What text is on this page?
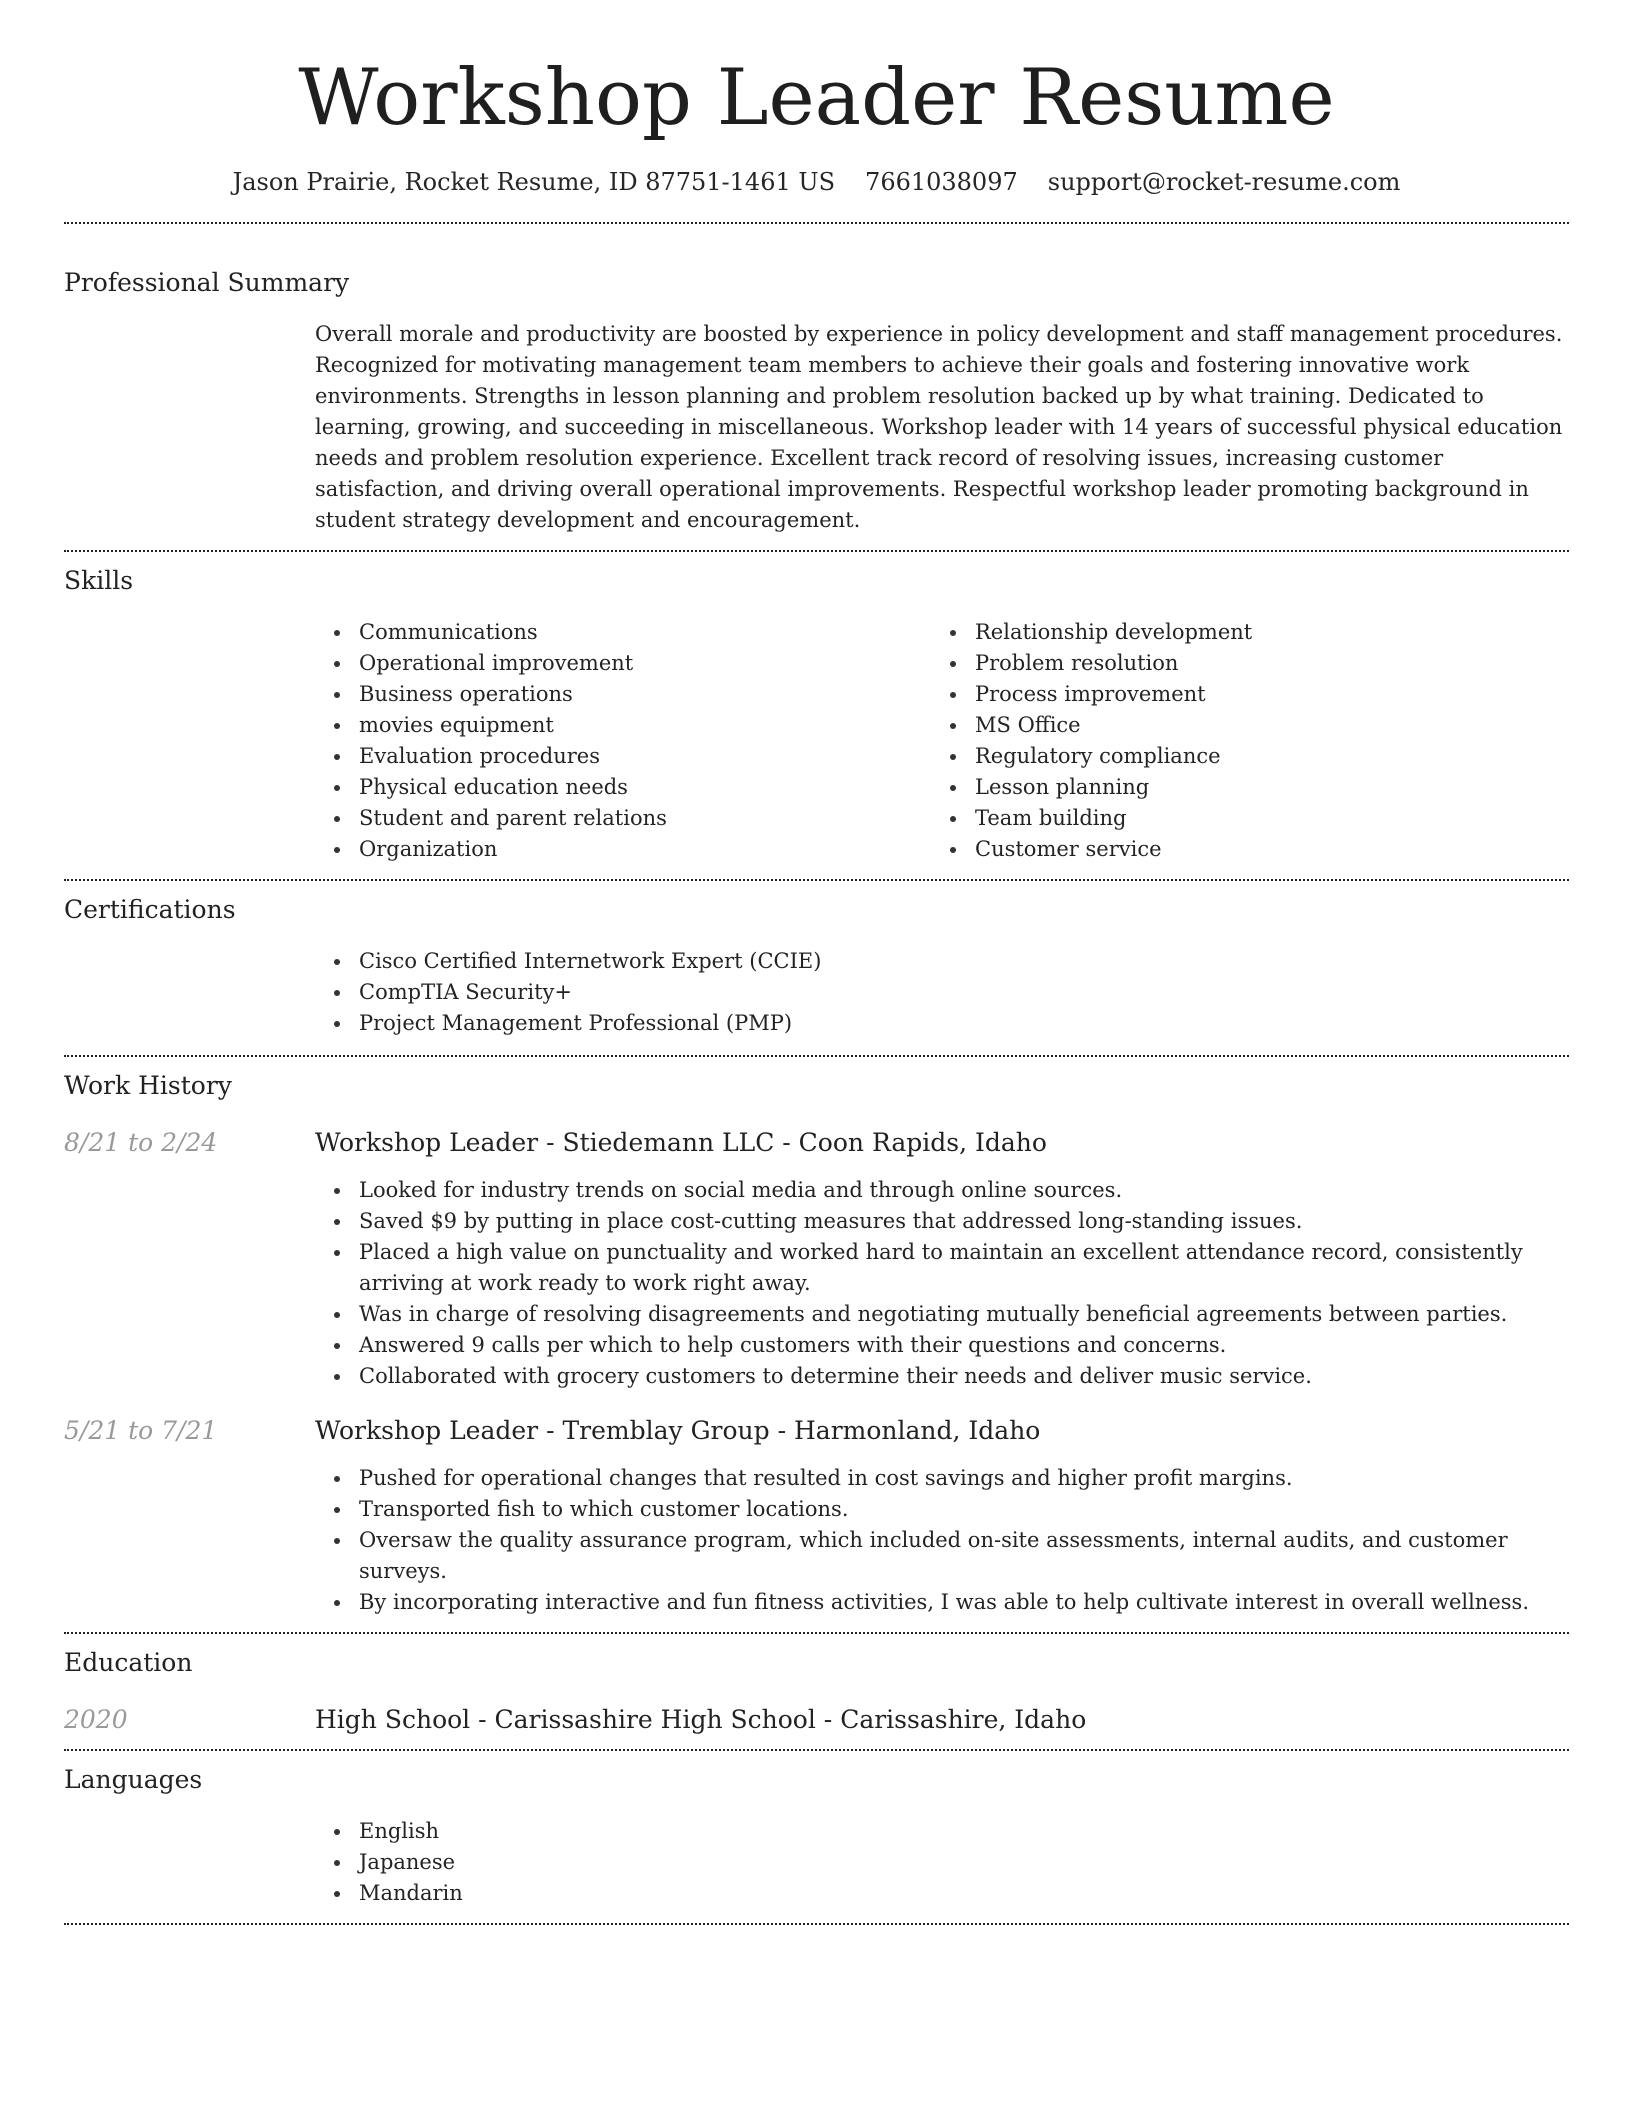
Workshop Leader Resume
Jason Prairie, Rocket Resume, ID 87751-1461 US 7661038097 support@rocket-resume.com
Professional Summary

Overall morale and productivity are boosted by experience in policy development and staff management procedures. Recognized for motivating management team members to achieve their goals and fostering innovative work environments. Strengths in lesson planning and problem resolution backed up by what training. Dedicated to learning, growing, and succeeding in miscellaneous. Workshop leader with 14 years of successful physical education needs and problem resolution experience. Excellent track record of resolving issues, increasing customer satisfaction, and driving overall operational improvements. Respectful workshop leader promoting background in student strategy development and encouragement.

Skills
Communications
Operational improvement
Business operations
movies equipment
Evaluation procedures
Physical education needs
Student and parent relations
Organization
Relationship development
Problem resolution
Process improvement
MS Office
Regulatory compliance
Lesson planning
Team building
Customer service
Certifications
Cisco Certified Internetwork Expert (CCIE)
CompTIA Security+
Project Management Professional (PMP)
Work History
8/21 to 2/24	Workshop Leader - Stiedemann LLC - Coon Rapids, Idaho
Looked for industry trends on social media and through online sources.
Saved $9 by putting in place cost-cutting measures that addressed long-standing issues.
Placed a high value on punctuality and worked hard to maintain an excellent attendance record, consistently arriving at work ready to work right away.
Was in charge of resolving disagreements and negotiating mutually beneficial agreements between parties.
Answered 9 calls per which to help customers with their questions and concerns.
Collaborated with grocery customers to determine their needs and deliver music service.
5/21 to 7/21	Workshop Leader - Tremblay Group - Harmonland, Idaho
Pushed for operational changes that resulted in cost savings and higher profit margins.
Transported fish to which customer locations.
Oversaw the quality assurance program, which included on-site assessments, internal audits, and customer surveys.
By incorporating interactive and fun fitness activities, I was able to help cultivate interest in overall wellness.
Education
2020	High School - Carissashire High School - Carissashire, Idaho
Languages
English
Japanese
Mandarin
